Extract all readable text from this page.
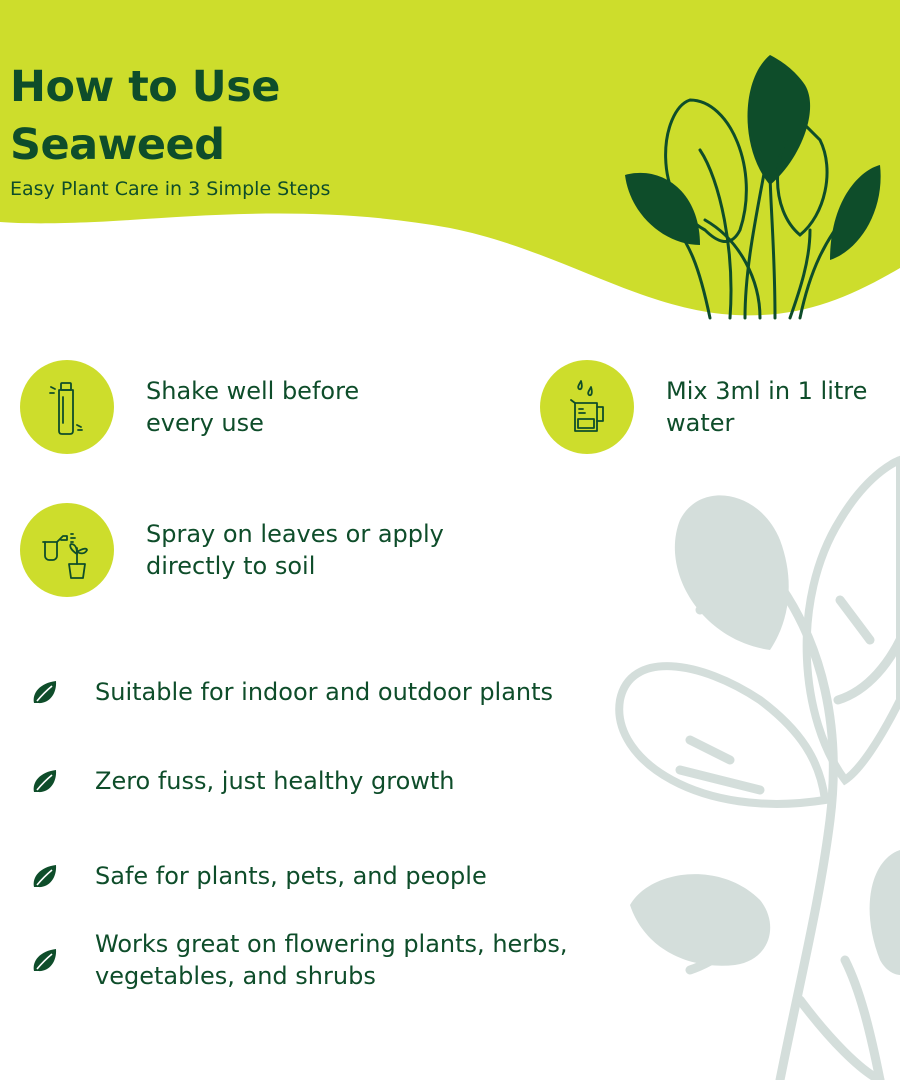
How to Use
Seaweed
Easy Plant Care in 3 Simple Steps
Shake well before
every use
Mix 3ml in 1 litre
water
Spray on leaves or apply
directly to soil
Suitable for indoor and outdoor plants
Zero fuss, just healthy growth
Safe for plants, pets, and people
Works great on flowering plants, herbs,
vegetables, and shrubs
